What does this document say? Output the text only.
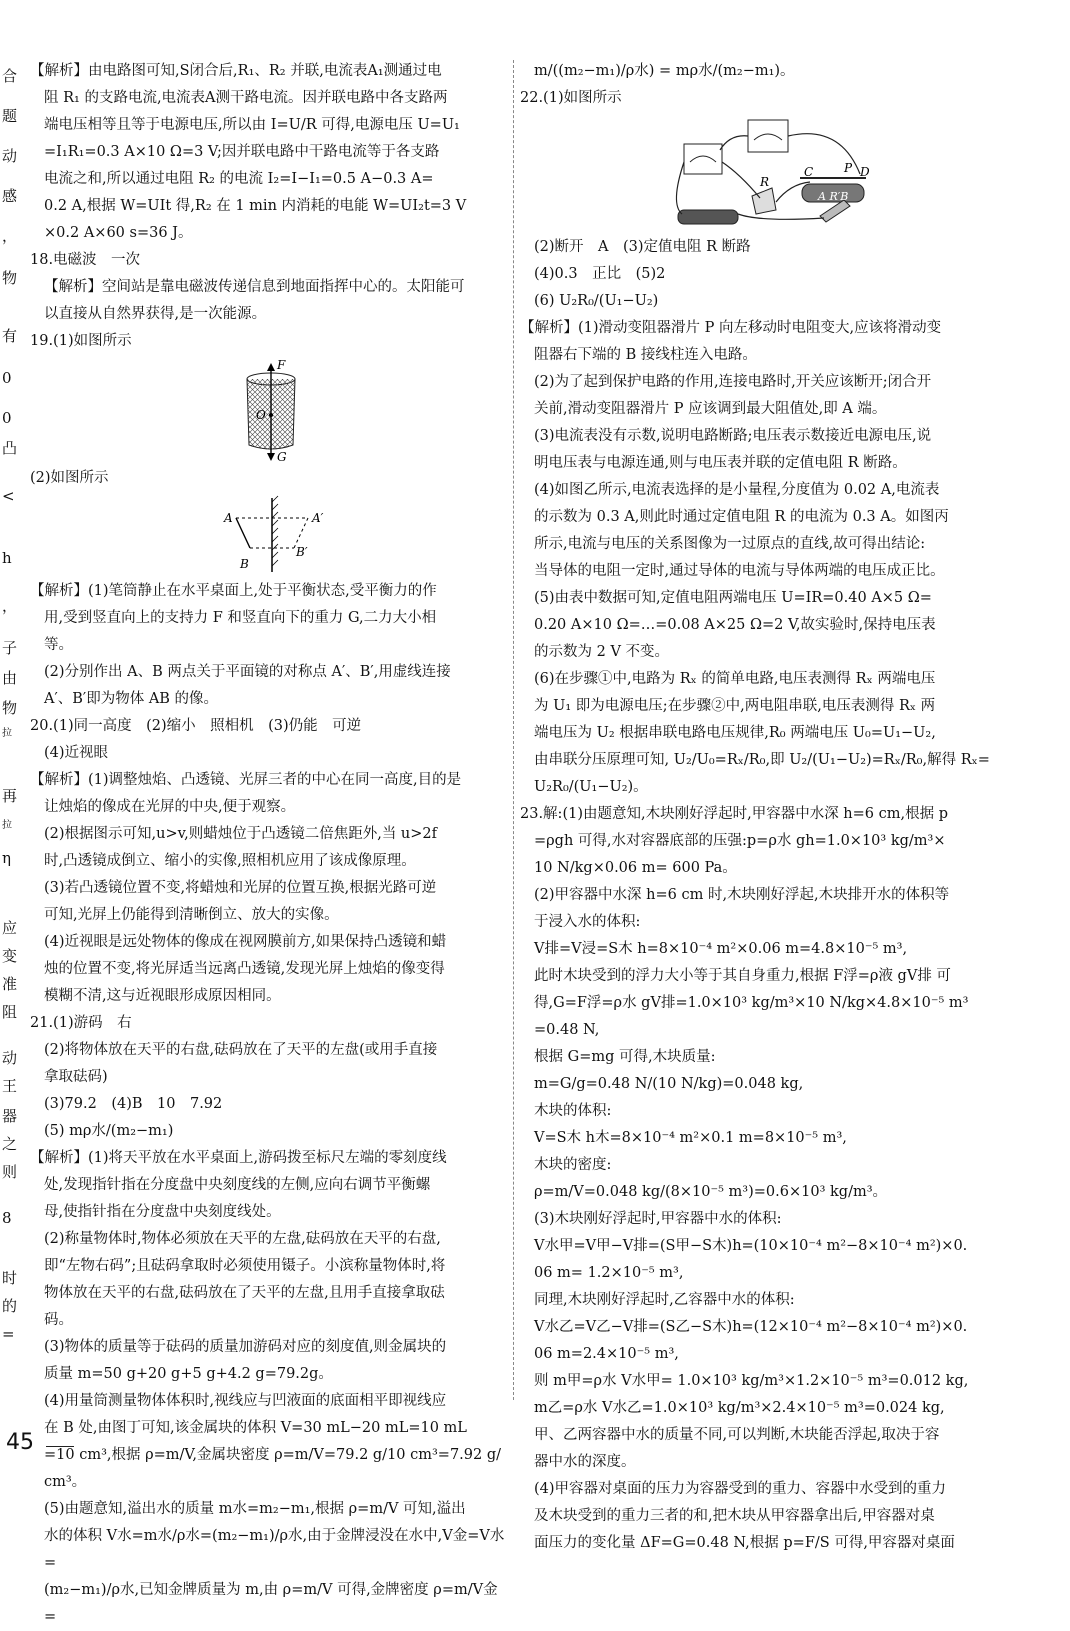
合
题
动
感
，
物
有
0
0
凸
<
h
，
子
由
物
拉
再
拉
η
应
变
准
阻
动
王
器
之
则
8
时
的
=

【解析】由电路图可知,S闭合后,R₁、R₂ 并联,电流表A₁测通过电

阻 R₁ 的支路电流,电流表A测干路电流。因并联电路中各支路两

端电压相等且等于电源电压,所以由 I=U/R 可得,电源电压 U=U₁

=I₁R₁=0.3 A×10 Ω=3 V;因并联电路中干路电流等于各支路

电流之和,所以通过电阻 R₂ 的电流 I₂=I−I₁=0.5 A−0.3 A=

0.2 A,根据 W=UIt 得,R₂ 在 1 min 内消耗的电能 W=UI₂t=3 V

×0.2 A×60 s=36 J。

18.电磁波　一次

【解析】空间站是靠电磁波传递信息到地面指挥中心的。太阳能可

以直接从自然界获得,是一次能源。

19.(1)如图所示

F
O
G

(2)如图所示

A	A′
B
B′

【解析】(1)笔筒静止在水平桌面上,处于平衡状态,受平衡力的作

用,受到竖直向上的支持力 F 和竖直向下的重力 G,二力大小相

等。

(2)分别作出 A、B 两点关于平面镜的对称点 A′、B′,用虚线连接

A′、B′即为物体 AB 的像。

20.(1)同一高度　(2)缩小　照相机　(3)仍能　可逆

(4)近视眼

【解析】(1)调整烛焰、凸透镜、光屏三者的中心在同一高度,目的是

让烛焰的像成在光屏的中央,便于观察。

(2)根据图示可知,u>v,则蜡烛位于凸透镜二倍焦距外,当 u>2f

时,凸透镜成倒立、缩小的实像,照相机应用了该成像原理。

(3)若凸透镜位置不变,将蜡烛和光屏的位置互换,根据光路可逆

可知,光屏上仍能得到清晰倒立、放大的实像。

(4)近视眼是远处物体的像成在视网膜前方,如果保持凸透镜和蜡

烛的位置不变,将光屏适当远离凸透镜,发现光屏上烛焰的像变得

模糊不清,这与近视眼形成原因相同。

21.(1)游码　右

(2)将物体放在天平的右盘,砝码放在了天平的左盘(或用手直接

拿取砝码)

(3)79.2　(4)B　10　7.92

(5) mρ水/(m₂−m₁)

【解析】(1)将天平放在水平桌面上,游码拨至标尺左端的零刻度线

处,发现指针指在分度盘中央刻度线的左侧,应向右调节平衡螺

母,使指针指在分度盘中央刻度线处。

(2)称量物体时,物体必须放在天平的左盘,砝码放在天平的右盘,

即“左物右码”;且砝码拿取时必须使用镊子。小滨称量物体时,将

物体放在天平的右盘,砝码放在了天平的左盘,且用手直接拿取砝

码。

(3)物体的质量等于砝码的质量加游码对应的刻度值,则金属块的

质量 m=50 g+20 g+5 g+4.2 g=79.2g。

(4)用量筒测量物体体积时,视线应与凹液面的底面相平即视线应

在 B 处,由图丁可知,该金属块的体积 V=30 mL−20 mL=10 mL

=10 cm³,根据 ρ=m/V,金属块密度 ρ=m/V=79.2 g/10 cm³=7.92 g/

cm³。

(5)由题意知,溢出水的质量 m水=m₂−m₁,根据 ρ=m/V 可知,溢出

水的体积 V水=m水/ρ水=(m₂−m₁)/ρ水,由于金牌浸没在水中,V金=V水=

(m₂−m₁)/ρ水,已知金牌质量为 m,由 ρ=m/V 可得,金牌密度 ρ=m/V金=

m/((m₂−m₁)/ρ水) = mρ水/(m₂−m₁)。

22.(1)如图所示

P
C	D
R
A R′B

(2)断开　A　(3)定值电阻 R 断路

(4)0.3　正比　(5)2

(6) U₂R₀/(U₁−U₂)

【解析】(1)滑动变阻器滑片 P 向左移动时电阻变大,应该将滑动变

阻器右下端的 B 接线柱连入电路。

(2)为了起到保护电路的作用,连接电路时,开关应该断开;闭合开

关前,滑动变阻器滑片 P 应该调到最大阻值处,即 A 端。

(3)电流表没有示数,说明电路断路;电压表示数接近电源电压,说

明电压表与电源连通,则与电压表并联的定值电阻 R 断路。

(4)如图乙所示,电流表选择的是小量程,分度值为 0.02 A,电流表

的示数为 0.3 A,则此时通过定值电阻 R 的电流为 0.3 A。如图丙

所示,电流与电压的关系图像为一过原点的直线,故可得出结论:

当导体的电阻一定时,通过导体的电流与导体两端的电压成正比。

(5)由表中数据可知,定值电阻两端电压 U=IR=0.40 A×5 Ω=

0.20 A×10 Ω=…=0.08 A×25 Ω=2 V,故实验时,保持电压表

的示数为 2 V 不变。

(6)在步骤①中,电路为 Rₓ 的简单电路,电压表测得 Rₓ 两端电压

为 U₁ 即为电源电压;在步骤②中,两电阻串联,电压表测得 Rₓ 两

端电压为 U₂ 根据串联电路电压规律,R₀ 两端电压 U₀=U₁−U₂,

由串联分压原理可知, U₂/U₀=Rₓ/R₀,即 U₂/(U₁−U₂)=Rₓ/R₀,解得 Rₓ=

U₂R₀/(U₁−U₂)。

23.解:(1)由题意知,木块刚好浮起时,甲容器中水深 h=6 cm,根据 p

=ρgh 可得,水对容器底部的压强:p=ρ水 gh=1.0×10³ kg/m³×

10 N/kg×0.06 m= 600 Pa。

(2)甲容器中水深 h=6 cm 时,木块刚好浮起,木块排开水的体积等

于浸入水的体积:

V排=V浸=S木 h=8×10⁻⁴ m²×0.06 m=4.8×10⁻⁵ m³,

此时木块受到的浮力大小等于其自身重力,根据 F浮=ρ液 gV排 可

得,G=F浮=ρ水 gV排=1.0×10³ kg/m³×10 N/kg×4.8×10⁻⁵ m³

=0.48 N,

根据 G=mg 可得,木块质量:

m=G/g=0.48 N/(10 N/kg)=0.048 kg,

木块的体积:

V=S木 h木=8×10⁻⁴ m²×0.1 m=8×10⁻⁵ m³,

木块的密度:

ρ=m/V=0.048 kg/(8×10⁻⁵ m³)=0.6×10³ kg/m³。

(3)木块刚好浮起时,甲容器中水的体积:

V水甲=V甲−V排=(S甲−S木)h=(10×10⁻⁴ m²−8×10⁻⁴ m²)×0.

06 m= 1.2×10⁻⁵ m³,

同理,木块刚好浮起时,乙容器中水的体积:

V水乙=V乙−V排=(S乙−S木)h=(12×10⁻⁴ m²−8×10⁻⁴ m²)×0.

06 m=2.4×10⁻⁵ m³,

则 m甲=ρ水 V水甲= 1.0×10³ kg/m³×1.2×10⁻⁵ m³=0.012 kg,

m乙=ρ水 V水乙=1.0×10³ kg/m³×2.4×10⁻⁵ m³=0.024 kg,

甲、乙两容器中水的质量不同,可以判断,木块能否浮起,取决于容

器中水的深度。

(4)甲容器对桌面的压力为容器受到的重力、容器中水受到的重力

及木块受到的重力三者的和,把木块从甲容器拿出后,甲容器对桌

面压力的变化量 ΔF=G=0.48 N,根据 p=F/S 可得,甲容器对桌面

45
